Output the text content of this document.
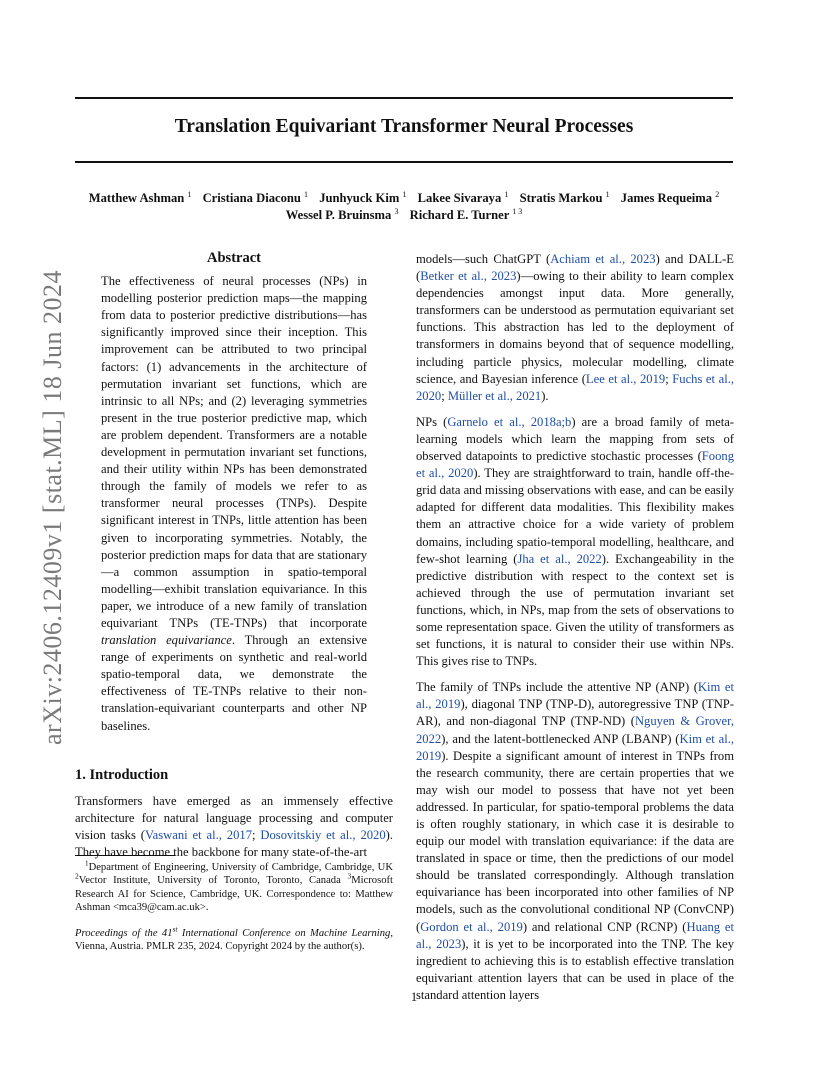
arXiv:2406.12409v1 [stat.ML] 18 Jun 2024
Translation Equivariant Transformer Neural Processes
Matthew Ashman $^1$ Cristiana Diaconu $^1$ Junhyuck Kim $^1$ Lakee Sivaraya $^1$ Stratis Markou $^1$ James Requeima $^2$
Wessel P. Bruinsma $^3$ Richard E. Turner $^{1 3}$
Abstract

The effectiveness of neural processes (NPs) in modelling posterior prediction maps—the mapping from data to posterior predictive distributions—has significantly improved since their inception. This improvement can be attributed to two principal factors: (1) advancements in the architecture of permutation invariant set functions, which are intrinsic to all NPs; and (2) leveraging symmetries present in the true posterior predictive map, which are problem dependent. Transformers are a notable development in permutation invariant set functions, and their utility within NPs has been demonstrated through the family of models we refer to as transformer neural processes (TNPs). Despite significant interest in TNPs, little attention has been given to incorporating symmetries. Notably, the posterior prediction maps for data that are stationary—a common assumption in spatio-temporal modelling—exhibit translation equivariance. In this paper, we introduce of a new family of translation equivariant TNPs (TE-TNPs) that incorporate translation equivariance. Through an extensive range of experiments on synthetic and real-world spatio-temporal data, we demonstrate the effectiveness of TE-TNPs relative to their non-translation-equivariant counterparts and other NP baselines.

1. Introduction

Transformers have emerged as an immensely effective architecture for natural language processing and computer vision tasks (Vaswani et al., 2017; Dosovitskiy et al., 2020). They have become the backbone for many state-of-the-art

$^1$Department of Engineering, University of Cambridge, Cambridge, UK $^2$Vector Institute, University of Toronto, Toronto, Canada $^3$Microsoft Research AI for Science, Cambridge, UK. Correspondence to: Matthew Ashman <mca39@cam.ac.uk>.

Proceedings of the 41st International Conference on Machine Learning, Vienna, Austria. PMLR 235, 2024. Copyright 2024 by the author(s).

models—such ChatGPT (Achiam et al., 2023) and DALL-E (Betker et al., 2023)—owing to their ability to learn complex dependencies amongst input data. More generally, transformers can be understood as permutation equivariant set functions. This abstraction has led to the deployment of transformers in domains beyond that of sequence modelling, including particle physics, molecular modelling, climate science, and Bayesian inference (Lee et al., 2019; Fuchs et al., 2020; Müller et al., 2021).

NPs (Garnelo et al., 2018a;b) are a broad family of meta-learning models which learn the mapping from sets of observed datapoints to predictive stochastic processes (Foong et al., 2020). They are straightforward to train, handle off-the-grid data and missing observations with ease, and can be easily adapted for different data modalities. This flexibility makes them an attractive choice for a wide variety of problem domains, including spatio-temporal modelling, healthcare, and few-shot learning (Jha et al., 2022). Exchangeability in the predictive distribution with respect to the context set is achieved through the use of permutation invariant set functions, which, in NPs, map from the sets of observations to some representation space. Given the utility of transformers as set functions, it is natural to consider their use within NPs. This gives rise to TNPs.

The family of TNPs include the attentive NP (ANP) (Kim et al., 2019), diagonal TNP (TNP-D), autoregressive TNP (TNP-AR), and non-diagonal TNP (TNP-ND) (Nguyen & Grover, 2022), and the latent-bottlenecked ANP (LBANP) (Kim et al., 2019). Despite a significant amount of interest in TNPs from the research community, there are certain properties that we may wish our model to possess that have not yet been addressed. In particular, for spatio-temporal problems the data is often roughly stationary, in which case it is desirable to equip our model with translation equivariance: if the data are translated in space or time, then the predictions of our model should be translated correspondingly. Although translation equivariance has been incorporated into other families of NP models, such as the convolutional conditional NP (ConvCNP) (Gordon et al., 2019) and relational CNP (RCNP) (Huang et al., 2023), it is yet to be incorporated into the TNP. The key ingredient to achieving this is to establish effective translation equivariant attention layers that can be used in place of the standard attention layers

1
